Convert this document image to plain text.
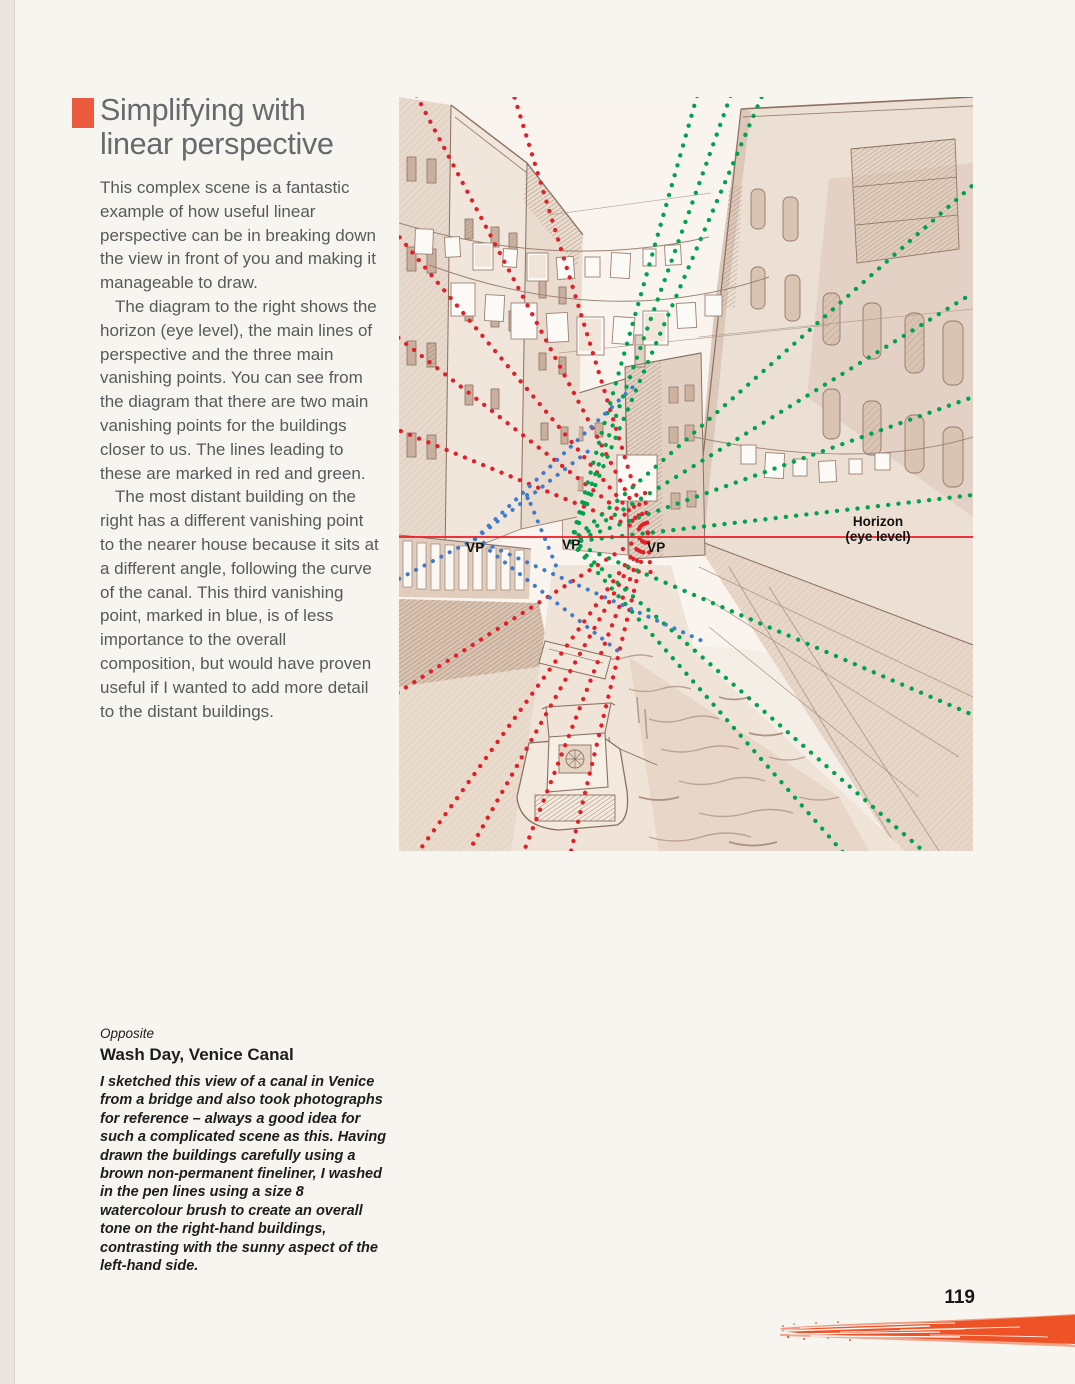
Simplifying with
linear perspective

This complex scene is a fantastic example of how useful linear perspective can be in breaking down the view in front of you and making it manageable to draw.

The diagram to the right shows the horizon (eye level), the main lines of perspective and the three main vanishing points. You can see from the diagram that there are two main vanishing points for the buildings closer to us. The lines leading to these are marked in red and green.

The most distant building on the right has a different vanishing point to the nearer house because it sits at a different angle, following the curve of the canal. This third vanishing point, marked in blue, is of less importance to the overall composition, but would have proven useful if I wanted to add more detail to the distant buildings.

VP	VP	VP
Horizon
(eye level)

Opposite

Wash Day, Venice Canal

I sketched this view of a canal in Venice from a bridge and also took photographs for reference – always a good idea for such a complicated scene as this. Having drawn the buildings carefully using a brown non-permanent fineliner, I washed in the pen lines using a size 8 watercolour brush to create an overall tone on the right-hand buildings, contrasting with the sunny aspect of the left-hand side.

119
